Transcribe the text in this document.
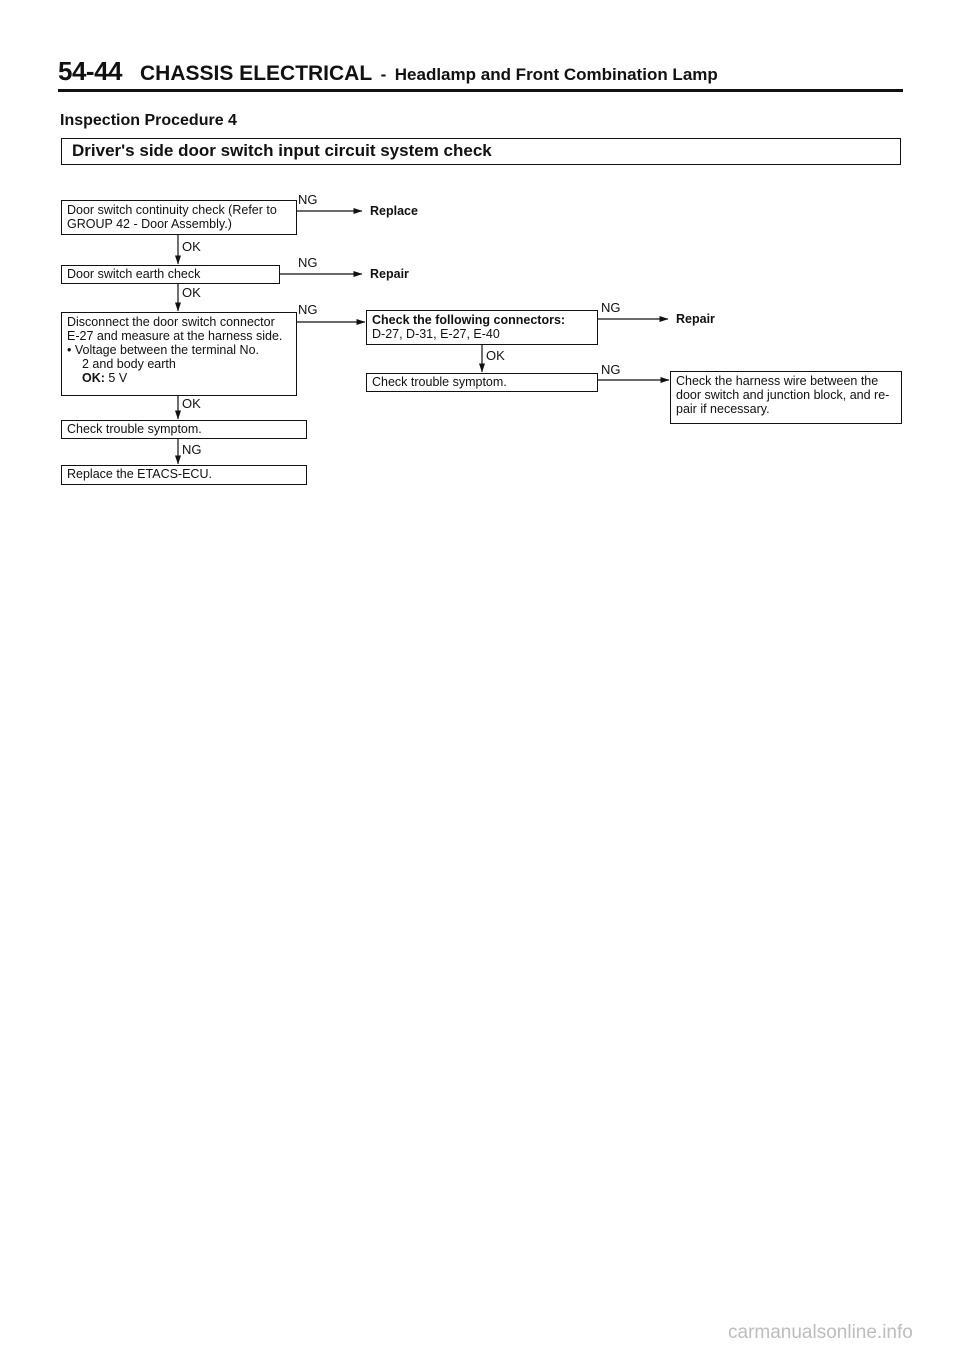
54-44 CHASSIS ELECTRICAL - Headlamp and Front Combination Lamp
Inspection Procedure 4
Driver's side door switch input circuit system check
Door switch continuity check (Refer to
GROUP 42 - Door Assembly.)
NG
Replace
OK
Door switch earth check
NG
Repair
OK
Disconnect the door switch connector
E-27 and measure at the harness side.
• Voltage between the terminal No.
2 and body earth
OK: 5 V
NG
OK
Check trouble symptom.
NG
Replace the ETACS-ECU.
Check the following connectors:
D-27, D-31, E-27, E-40
NG
Repair
OK
Check trouble symptom.
NG
Check the harness wire between the
door switch and junction block, and re-
pair if necessary.
carmanualsonline.info
